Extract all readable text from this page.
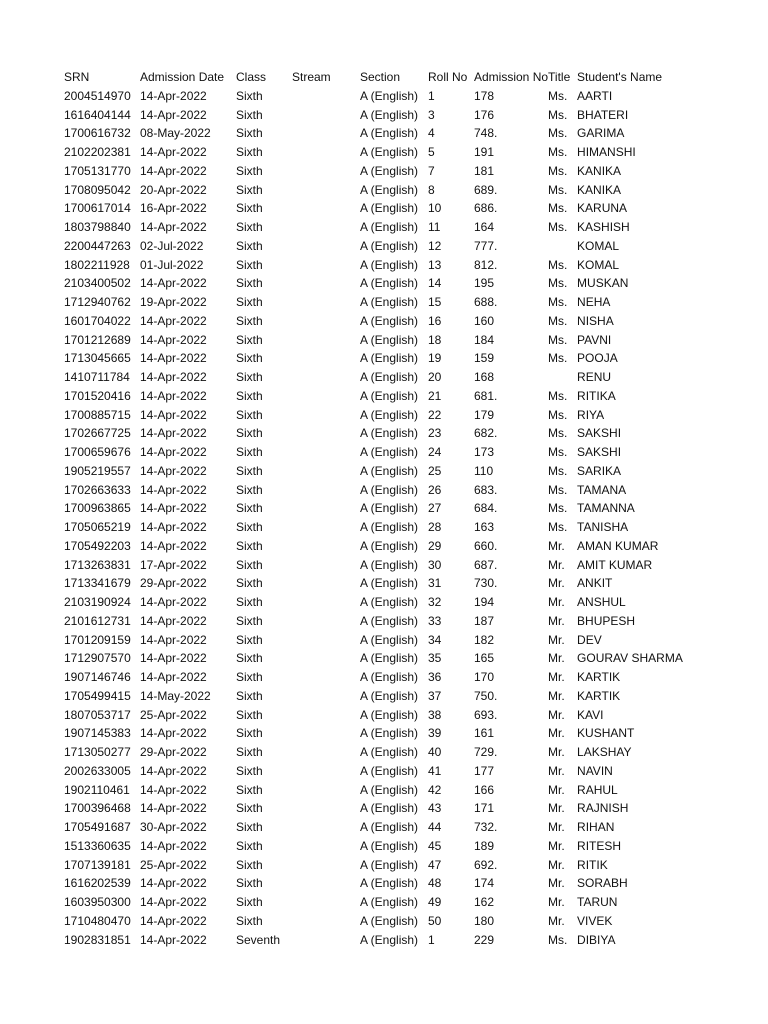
SRN	Admission Date	Class	Stream	Section	Roll No	Admission No	Title	Student's Name
2004514970	14-Apr-2022	Sixth		A (English)	1	178	Ms.	AARTI
1616404144	14-Apr-2022	Sixth		A (English)	3	176	Ms.	BHATERI
1700616732	08-May-2022	Sixth		A (English)	4	748.	Ms.	GARIMA
2102202381	14-Apr-2022	Sixth		A (English)	5	191	Ms.	HIMANSHI
1705131770	14-Apr-2022	Sixth		A (English)	7	181	Ms.	KANIKA
1708095042	20-Apr-2022	Sixth		A (English)	8	689.	Ms.	KANIKA
1700617014	16-Apr-2022	Sixth		A (English)	10	686.	Ms.	KARUNA
1803798840	14-Apr-2022	Sixth		A (English)	11	164	Ms.	KASHISH
2200447263	02-Jul-2022	Sixth		A (English)	12	777.		KOMAL
1802211928	01-Jul-2022	Sixth		A (English)	13	812.	Ms.	KOMAL
2103400502	14-Apr-2022	Sixth		A (English)	14	195	Ms.	MUSKAN
1712940762	19-Apr-2022	Sixth		A (English)	15	688.	Ms.	NEHA
1601704022	14-Apr-2022	Sixth		A (English)	16	160	Ms.	NISHA
1701212689	14-Apr-2022	Sixth		A (English)	18	184	Ms.	PAVNI
1713045665	14-Apr-2022	Sixth		A (English)	19	159	Ms.	POOJA
1410711784	14-Apr-2022	Sixth		A (English)	20	168		RENU
1701520416	14-Apr-2022	Sixth		A (English)	21	681.	Ms.	RITIKA
1700885715	14-Apr-2022	Sixth		A (English)	22	179	Ms.	RIYA
1702667725	14-Apr-2022	Sixth		A (English)	23	682.	Ms.	SAKSHI
1700659676	14-Apr-2022	Sixth		A (English)	24	173	Ms.	SAKSHI
1905219557	14-Apr-2022	Sixth		A (English)	25	110	Ms.	SARIKA
1702663633	14-Apr-2022	Sixth		A (English)	26	683.	Ms.	TAMANA
1700963865	14-Apr-2022	Sixth		A (English)	27	684.	Ms.	TAMANNA
1705065219	14-Apr-2022	Sixth		A (English)	28	163	Ms.	TANISHA
1705492203	14-Apr-2022	Sixth		A (English)	29	660.	Mr.	AMAN KUMAR
1713263831	17-Apr-2022	Sixth		A (English)	30	687.	Mr.	AMIT KUMAR
1713341679	29-Apr-2022	Sixth		A (English)	31	730.	Mr.	ANKIT
2103190924	14-Apr-2022	Sixth		A (English)	32	194	Mr.	ANSHUL
2101612731	14-Apr-2022	Sixth		A (English)	33	187	Mr.	BHUPESH
1701209159	14-Apr-2022	Sixth		A (English)	34	182	Mr.	DEV
1712907570	14-Apr-2022	Sixth		A (English)	35	165	Mr.	GOURAV SHARMA
1907146746	14-Apr-2022	Sixth		A (English)	36	170	Mr.	KARTIK
1705499415	14-May-2022	Sixth		A (English)	37	750.	Mr.	KARTIK
1807053717	25-Apr-2022	Sixth		A (English)	38	693.	Mr.	KAVI
1907145383	14-Apr-2022	Sixth		A (English)	39	161	Mr.	KUSHANT
1713050277	29-Apr-2022	Sixth		A (English)	40	729.	Mr.	LAKSHAY
2002633005	14-Apr-2022	Sixth		A (English)	41	177	Mr.	NAVIN
1902110461	14-Apr-2022	Sixth		A (English)	42	166	Mr.	RAHUL
1700396468	14-Apr-2022	Sixth		A (English)	43	171	Mr.	RAJNISH
1705491687	30-Apr-2022	Sixth		A (English)	44	732.	Mr.	RIHAN
1513360635	14-Apr-2022	Sixth		A (English)	45	189	Mr.	RITESH
1707139181	25-Apr-2022	Sixth		A (English)	47	692.	Mr.	RITIK
1616202539	14-Apr-2022	Sixth		A (English)	48	174	Mr.	SORABH
1603950300	14-Apr-2022	Sixth		A (English)	49	162	Mr.	TARUN
1710480470	14-Apr-2022	Sixth		A (English)	50	180	Mr.	VIVEK
1902831851	14-Apr-2022	Seventh		A (English)	1	229	Ms.	DIBIYA
